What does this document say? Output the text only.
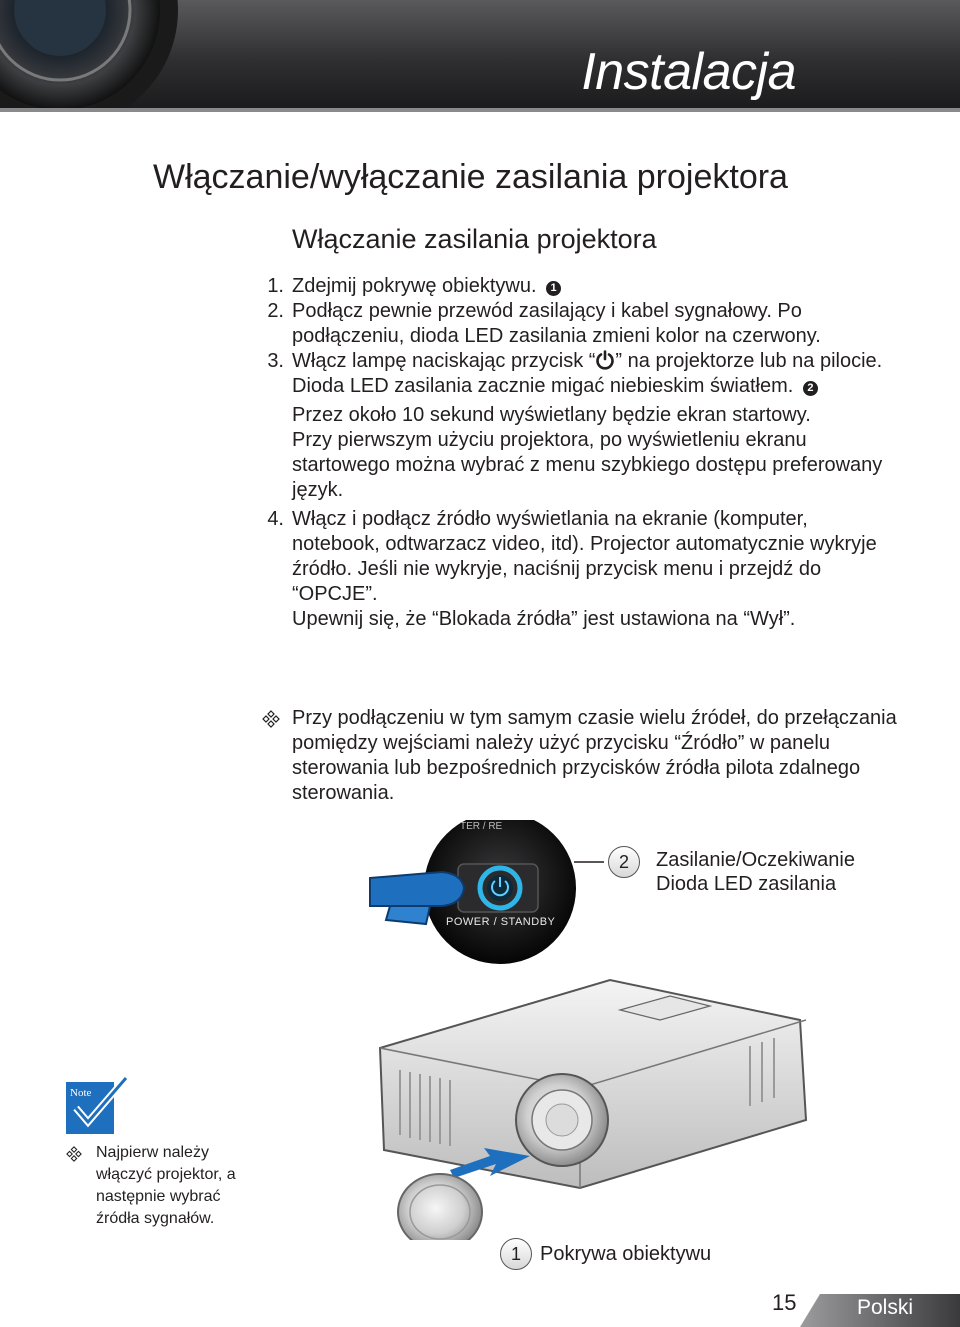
Instalacja
Włączanie/wyłączanie zasilania projektora
Włączanie zasilania projektora
1. Zdejmij pokrywę obiektywu. 1

2. Podłącz pewnie przewód zasilający i kabel sygnałowy. Po podłączeniu, dioda LED zasilania zmieni kolor na czerwony.

3. Włącz lampę naciskając przycisk “ ” na projektorze lub na pilocie. Dioda LED zasilania zacznie migać niebieskim światłem. 2

Przez około 10 sekund wyświetlany będzie ekran startowy.

Przy pierwszym użyciu projektora, po wyświetleniu ekranu startowego można wybrać z menu szybkiego dostępu preferowany język.

4. Włącz i podłącz źródło wyświetlania na ekranie (komputer, notebook, odtwarzacz video, itd). Projector automatycznie wykryje źródło. Jeśli nie wykryje, naciśnij przycisk menu i przejdź do “OPCJE”.

Upewnij się, że “Blokada źródła” jest ustawiona na “Wył”.

Przy podłączeniu w tym samym czasie wielu źródeł, do przełączania pomiędzy wejściami należy użyć przycisku “Źródło” w panelu sterowania lub bezpośrednich przycisków źródła pilota zdalnego sterowania.
TER / RE
POWER / STANDBY
2	Zasilanie/Oczekiwanie
Dioda LED zasilania
1 Pokrywa obiektywu
Note
Najpierw należy włączyć projektor, a następnie wybrać źródła sygnałów.
15	Polski
